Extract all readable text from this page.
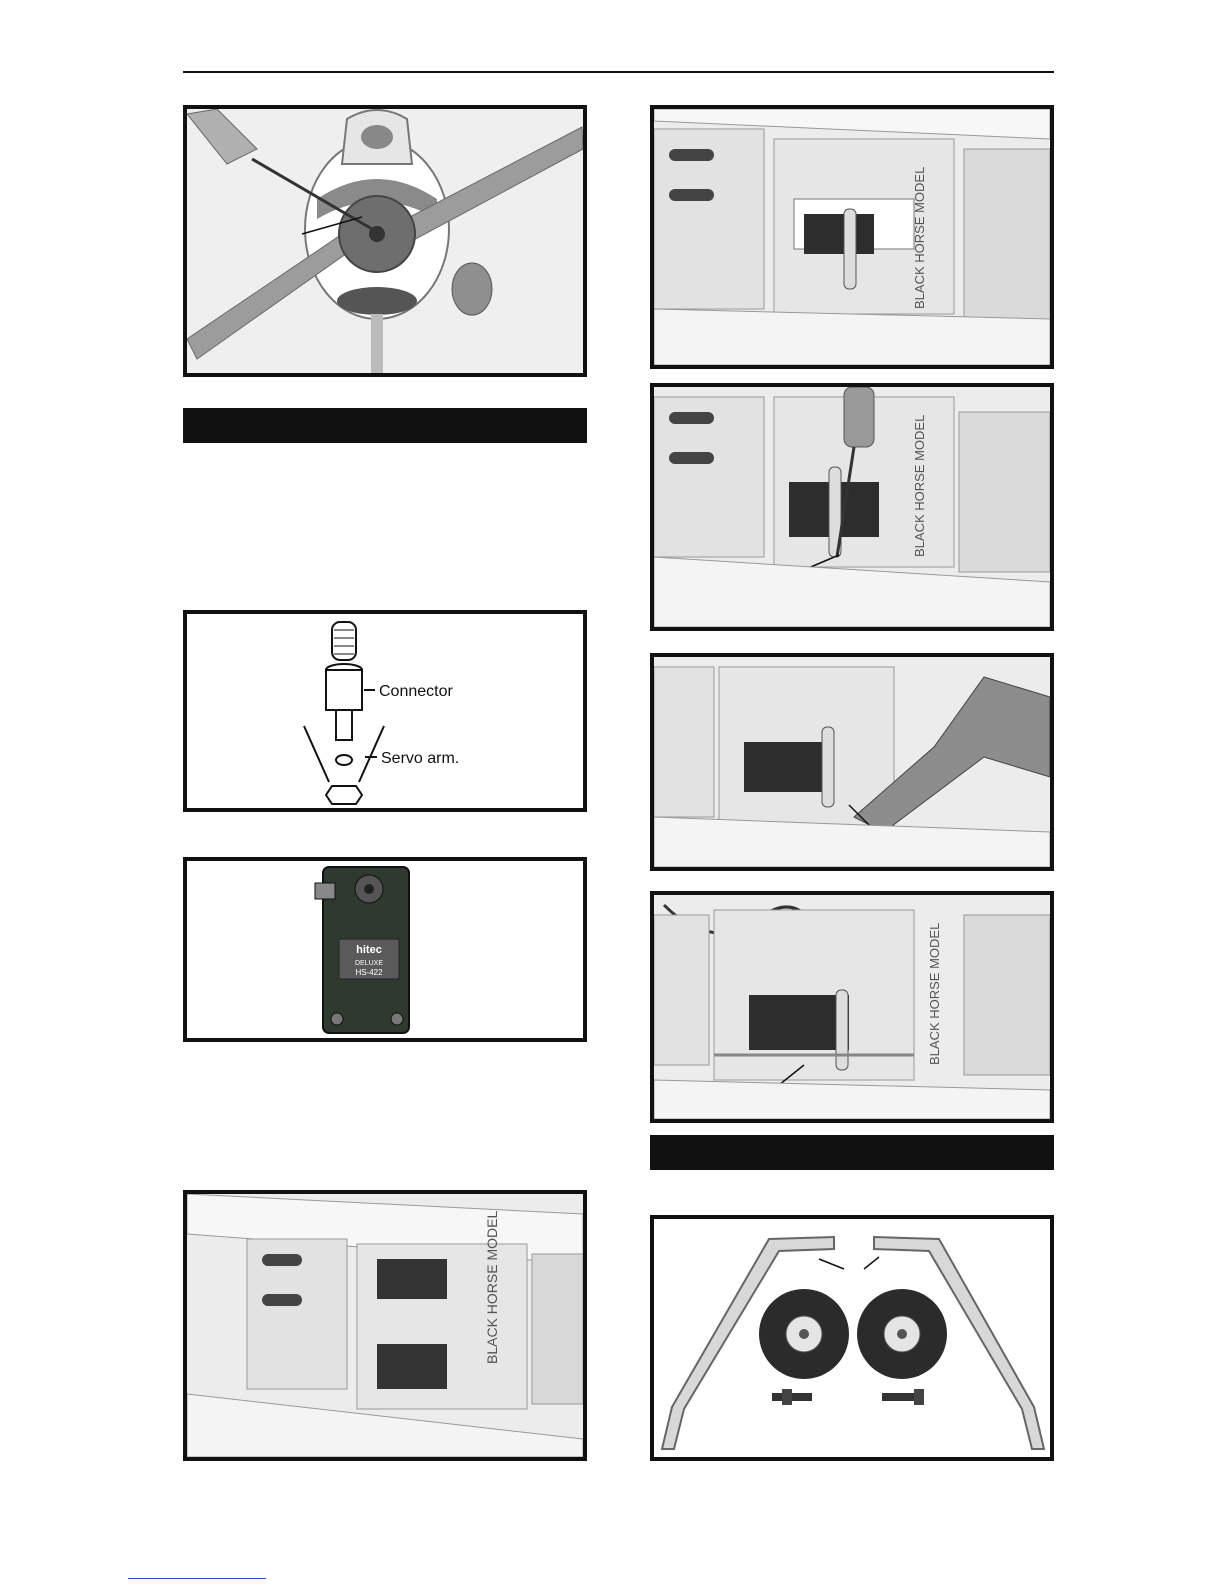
Connector
Servo arm.
hitec
DELUXE
HS-422
BLACK HORSE MODEL
BLACK HORSE MODEL
BLACK HORSE MODEL
BLACK HORSE MODEL
